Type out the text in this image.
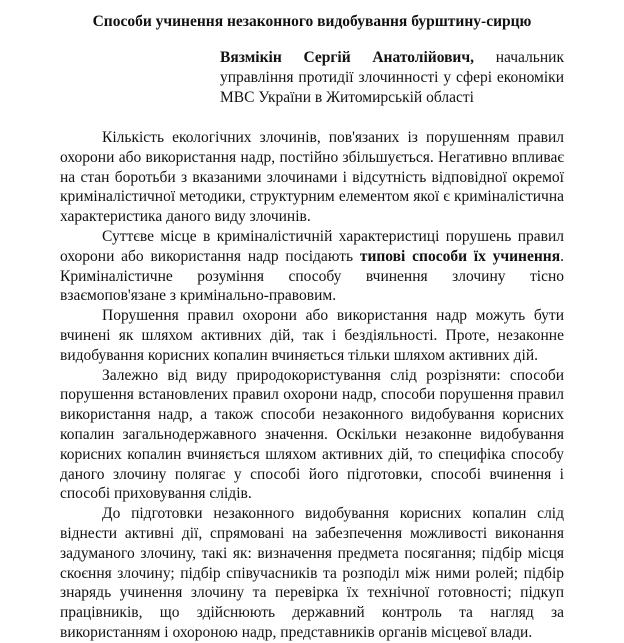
Способи учинення незаконного видобування бурштину-сирцю
Вязмікін Сергій Анатолійович, начальник управління протидії злочинності у сфері економіки МВС України в Житомирській області

Кількість екологічних злочинів, пов'язаних із порушенням правил охорони або використання надр, постійно збільшується. Негативно впливає на стан боротьби з вказаними злочинами і відсутність відповідної окремої криміналістичної методики, структурним елементом якої є криміналістична характеристика даного виду злочинів.

Суттєве місце в криміналістичній характеристиці порушень правил охорони або використання надр посідають типові способи їх учинення. Криміналістичне розуміння способу вчинення злочину тісно взаємопов'язане з кримінально-правовим.

Порушення правил охорони або використання надр можуть бути вчинені як шляхом активних дій, так і бездіяльності. Проте, незаконне видобування корисних копалин вчиняється тільки шляхом активних дій.

Залежно від виду природокористування слід розрізняти: способи порушення встановлених правил охорони надр, способи порушення правил використання надр, а також способи незаконного видобування корисних копалин загальнодержавного значення. Оскільки незаконне видобування корисних копалин вчиняється шляхом активних дій, то специфіка способу даного злочину полягає у способі його підготовки, способі вчинення і способі приховування слідів.

До підготовки незаконного видобування корисних копалин слід віднести активні дії, спрямовані на забезпечення можливості виконання задуманого злочину, такі як: визначення предмета посягання; підбір місця скоєння злочину; підбір співучасників та розподіл між ними ролей; підбір знарядь учинення злочину та перевірка їх технічної готовності; підкуп працівників, що здійснюють державний контроль та нагляд за використанням і охороною надр, представників органів місцевої влади.
